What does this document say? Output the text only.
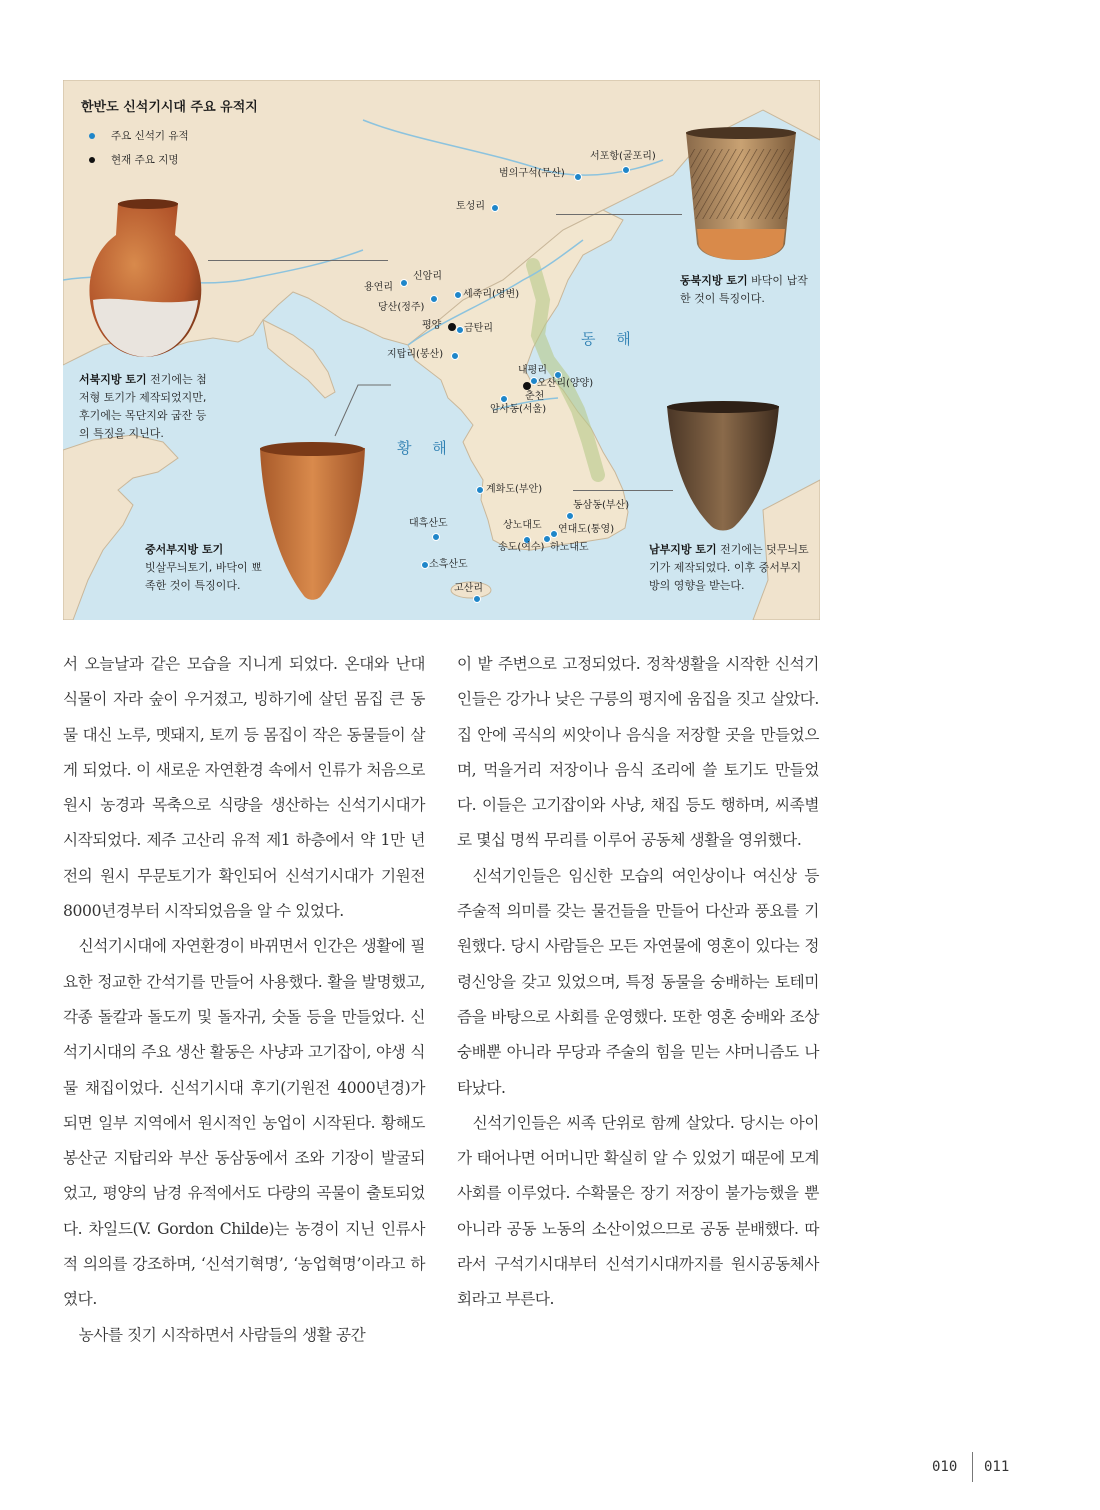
한반도 신석기시대 주요 유적지
주요 신석기 유적
현재 주요 지명
동 해
황 해
서포항(굴포리)
범의구석(무산)
토성리
신암리
용연리
세죽리(영변)
당산(정주)
평양 금탄리
지탑리(봉산)
내평리
오산리(양양)
춘천
암사동(서울)
계화도(부안)
동삼동(부산)
대흑산도	상노대도 연대도(통영)
송도(여수) 하노대도
소흑산도
고산리
서북지방 토기 전기에는 첨저형 토기가 제작되었지만, 후기에는 목단지와 굽잔 등의 특징을 지닌다.
동북지방 토기 바닥이 납작한 것이 특징이다.
중서부지방 토기
빗살무늬토기, 바닥이 뾰족한 것이 특징이다.
남부지방 토기 전기에는 덧무늬토기가 제작되었다. 이후 중서부지방의 영향을 받는다.

서 오늘날과 같은 모습을 지니게 되었다. 온대와 난대 식물이 자라 숲이 우거졌고, 빙하기에 살던 몸집 큰 동물 대신 노루, 멧돼지, 토끼 등 몸집이 작은 동물들이 살게 되었다. 이 새로운 자연환경 속에서 인류가 처음으로 원시 농경과 목축으로 식량을 생산하는 신석기시대가 시작되었다. 제주 고산리 유적 제1 하층에서 약 1만 년 전의 원시 무문토기가 확인되어 신석기시대가 기원전 8000년경부터 시작되었음을 알 수 있었다.

신석기시대에 자연환경이 바뀌면서 인간은 생활에 필요한 정교한 간석기를 만들어 사용했다. 활을 발명했고, 각종 돌칼과 돌도끼 및 돌자귀, 숫돌 등을 만들었다. 신석기시대의 주요 생산 활동은 사냥과 고기잡이, 야생 식물 채집이었다. 신석기시대 후기(기원전 4000년경)가 되면 일부 지역에서 원시적인 농업이 시작된다. 황해도 봉산군 지탑리와 부산 동삼동에서 조와 기장이 발굴되었고, 평양의 남경 유적에서도 다량의 곡물이 출토되었다. 차일드(V. Gordon Childe)는 농경이 지닌 인류사적 의의를 강조하며, ‘신석기혁명’, ‘농업혁명’이라고 하였다.

농사를 짓기 시작하면서 사람들의 생활 공간

이 밭 주변으로 고정되었다. 정착생활을 시작한 신석기인들은 강가나 낮은 구릉의 평지에 움집을 짓고 살았다. 집 안에 곡식의 씨앗이나 음식을 저장할 곳을 만들었으며, 먹을거리 저장이나 음식 조리에 쓸 토기도 만들었다. 이들은 고기잡이와 사냥, 채집 등도 행하며, 씨족별로 몇십 명씩 무리를 이루어 공동체 생활을 영위했다.

신석기인들은 임신한 모습의 여인상이나 여신상 등 주술적 의미를 갖는 물건들을 만들어 다산과 풍요를 기원했다. 당시 사람들은 모든 자연물에 영혼이 있다는 정령신앙을 갖고 있었으며, 특정 동물을 숭배하는 토테미즘을 바탕으로 사회를 운영했다. 또한 영혼 숭배와 조상 숭배뿐 아니라 무당과 주술의 힘을 믿는 샤머니즘도 나타났다.

신석기인들은 씨족 단위로 함께 살았다. 당시는 아이가 태어나면 어머니만 확실히 알 수 있었기 때문에 모계 사회를 이루었다. 수확물은 장기 저장이 불가능했을 뿐 아니라 공동 노동의 소산이었으므로 공동 분배했다. 따라서 구석기시대부터 신석기시대까지를 원시공동체사회라고 부른다.

010 011
